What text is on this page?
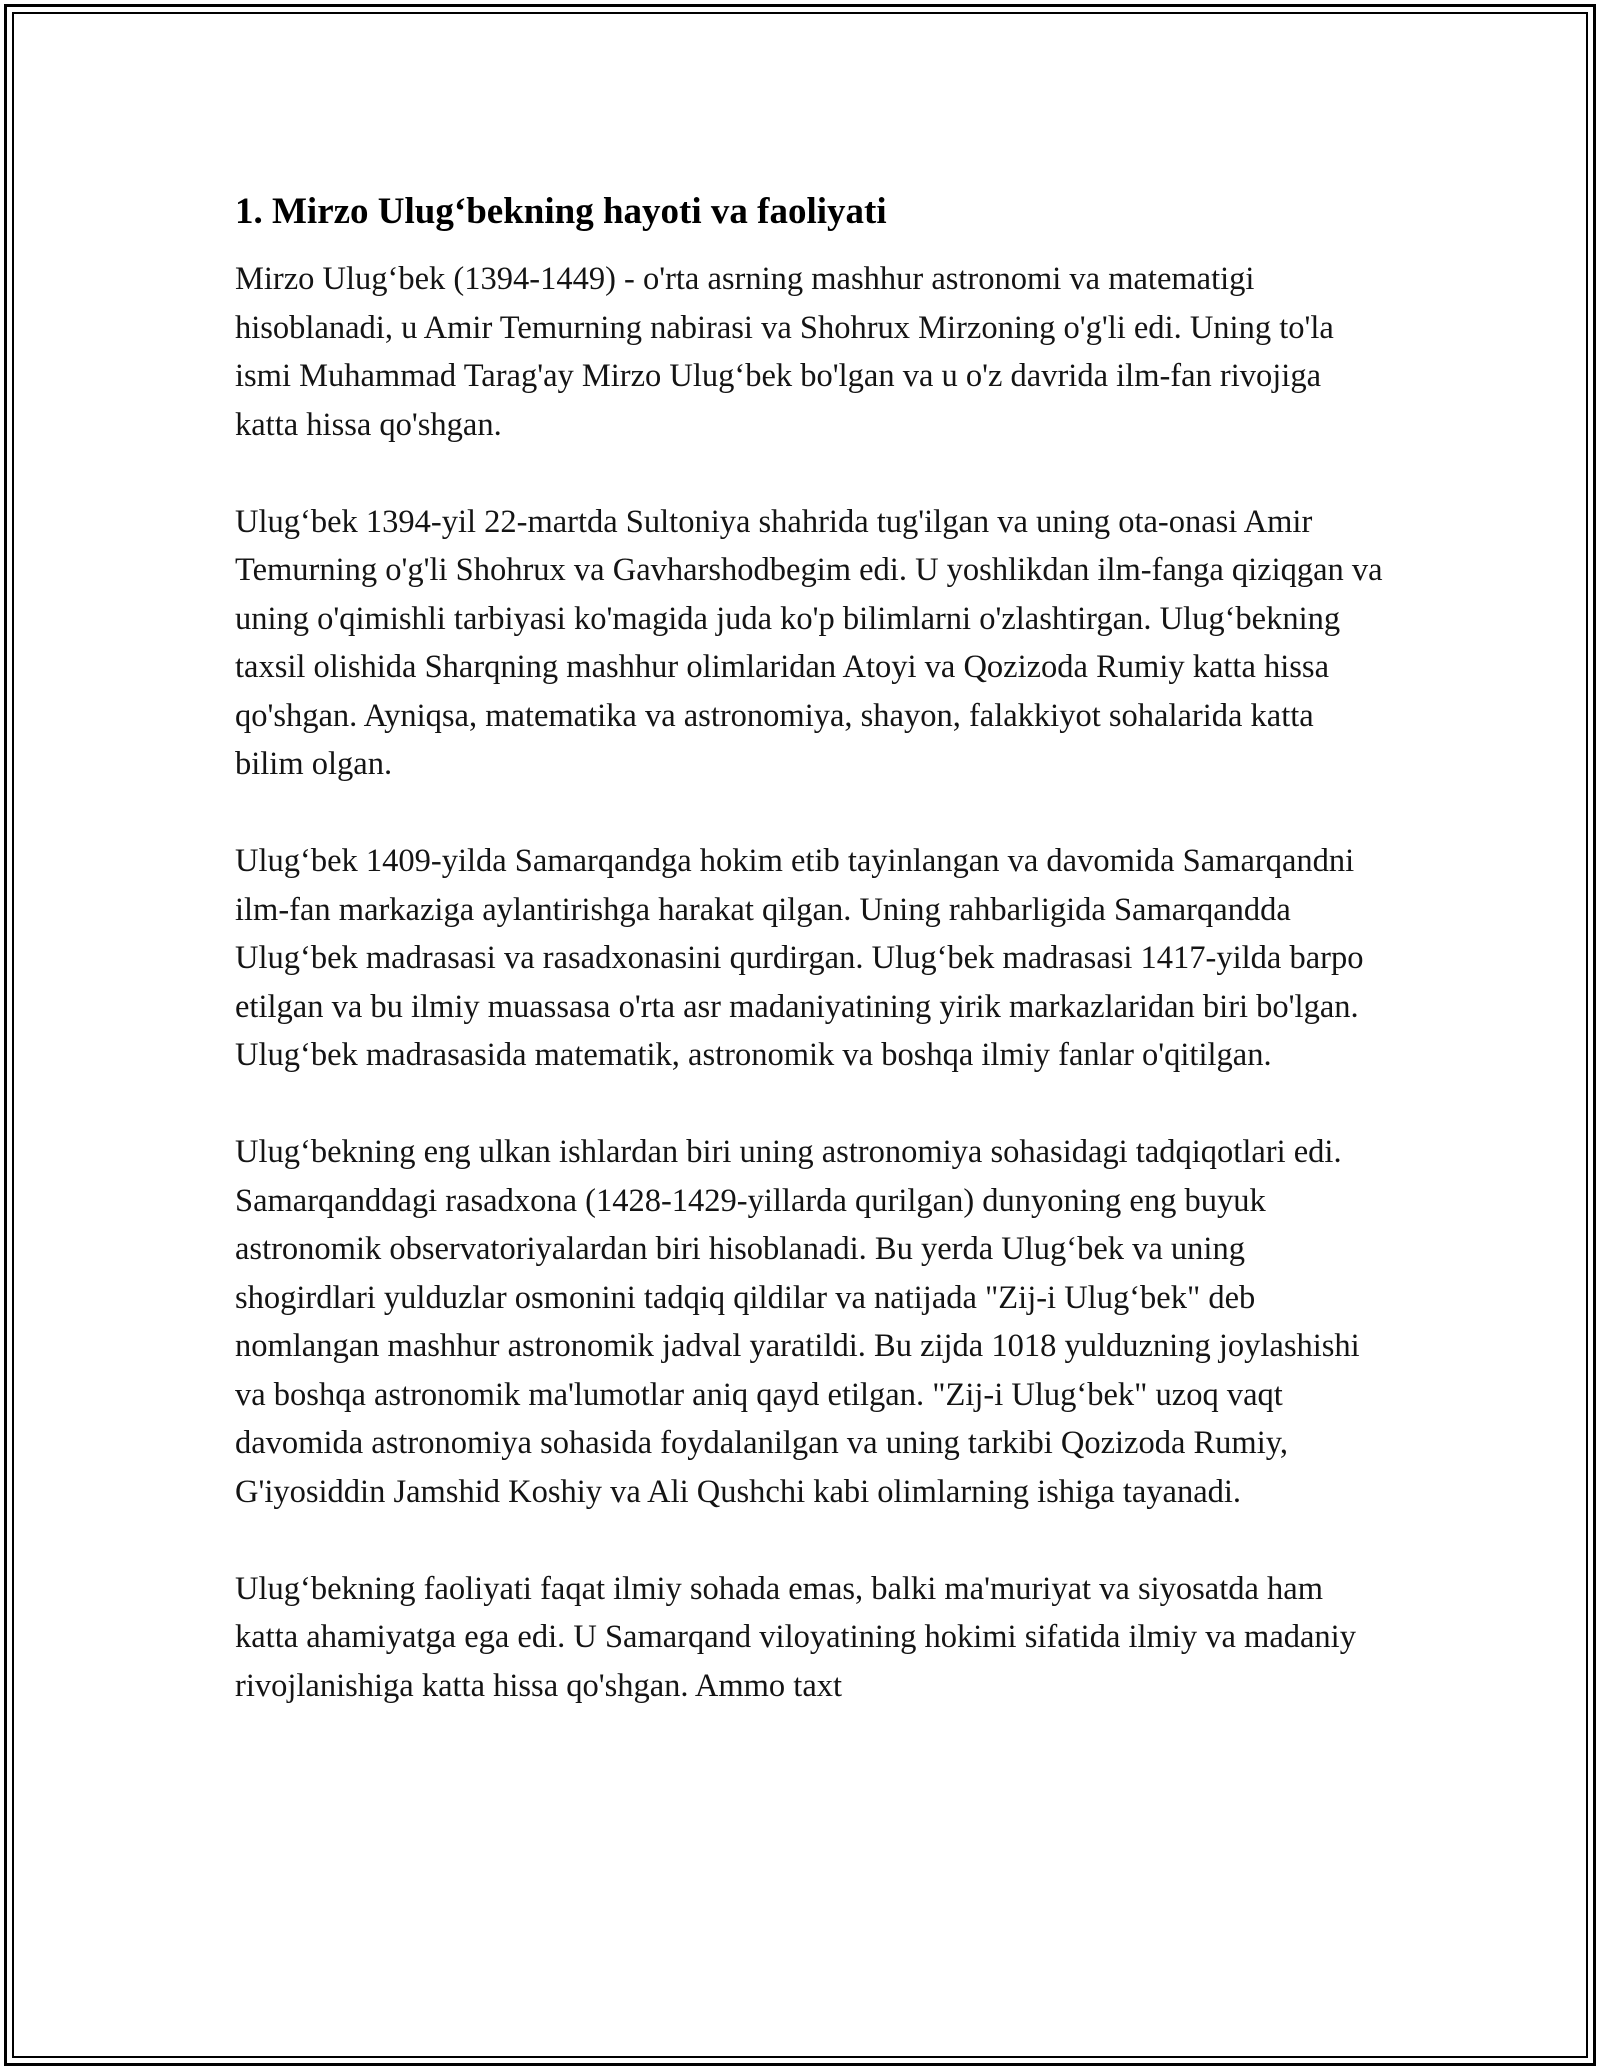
1. Mirzo Ulug‘bekning hayoti va faoliyati

Mirzo Ulug‘bek (1394-1449) - o'rta asrning mashhur astronomi va matematigi hisoblanadi, u Amir Temurning nabirasi va Shohrux Mirzoning o'g'li edi. Uning to'la ismi Muhammad Tarag'ay Mirzo Ulug‘bek bo'lgan va u o'z davrida ilm-fan rivojiga katta hissa qo'shgan.

Ulug‘bek 1394-yil 22-martda Sultoniya shahrida tug'ilgan va uning ota-onasi Amir Temurning o'g'li Shohrux va Gavharshodbegim edi. U yoshlikdan ilm-fanga qiziqgan va uning o'qimishli tarbiyasi ko'magida juda ko'p bilimlarni o'zlashtirgan. Ulug‘bekning taxsil olishida Sharqning mashhur olimlaridan Atoyi va Qozizoda Rumiy katta hissa qo'shgan. Ayniqsa, matematika va astronomiya, shayon, falakkiyot sohalarida katta bilim olgan.

Ulug‘bek 1409-yilda Samarqandga hokim etib tayinlangan va davomida Samarqandni ilm-fan markaziga aylantirishga harakat qilgan. Uning rahbarligida Samarqandda Ulug‘bek madrasasi va rasadxonasini qurdirgan. Ulug‘bek madrasasi 1417-yilda barpo etilgan va bu ilmiy muassasa o'rta asr madaniyatining yirik markazlaridan biri bo'lgan. Ulug‘bek madrasasida matematik, astronomik va boshqa ilmiy fanlar o'qitilgan.

Ulug‘bekning eng ulkan ishlardan biri uning astronomiya sohasidagi tadqiqotlari edi. Samarqanddagi rasadxona (1428-1429-yillarda qurilgan) dunyoning eng buyuk astronomik observatoriyalardan biri hisoblanadi. Bu yerda Ulug‘bek va uning shogirdlari yulduzlar osmonini tadqiq qildilar va natijada "Zij-i Ulug‘bek" deb nomlangan mashhur astronomik jadval yaratildi. Bu zijda 1018 yulduzning joylashishi va boshqa astronomik ma'lumotlar aniq qayd etilgan. "Zij-i Ulug‘bek" uzoq vaqt davomida astronomiya sohasida foydalanilgan va uning tarkibi Qozizoda Rumiy, G'iyosiddin Jamshid Koshiy va Ali Qushchi kabi olimlarning ishiga tayanadi.

Ulug‘bekning faoliyati faqat ilmiy sohada emas, balki ma'muriyat va siyosatda ham katta ahamiyatga ega edi. U Samarqand viloyatining hokimi sifatida ilmiy va madaniy rivojlanishiga katta hissa qo'shgan. Ammo taxt
